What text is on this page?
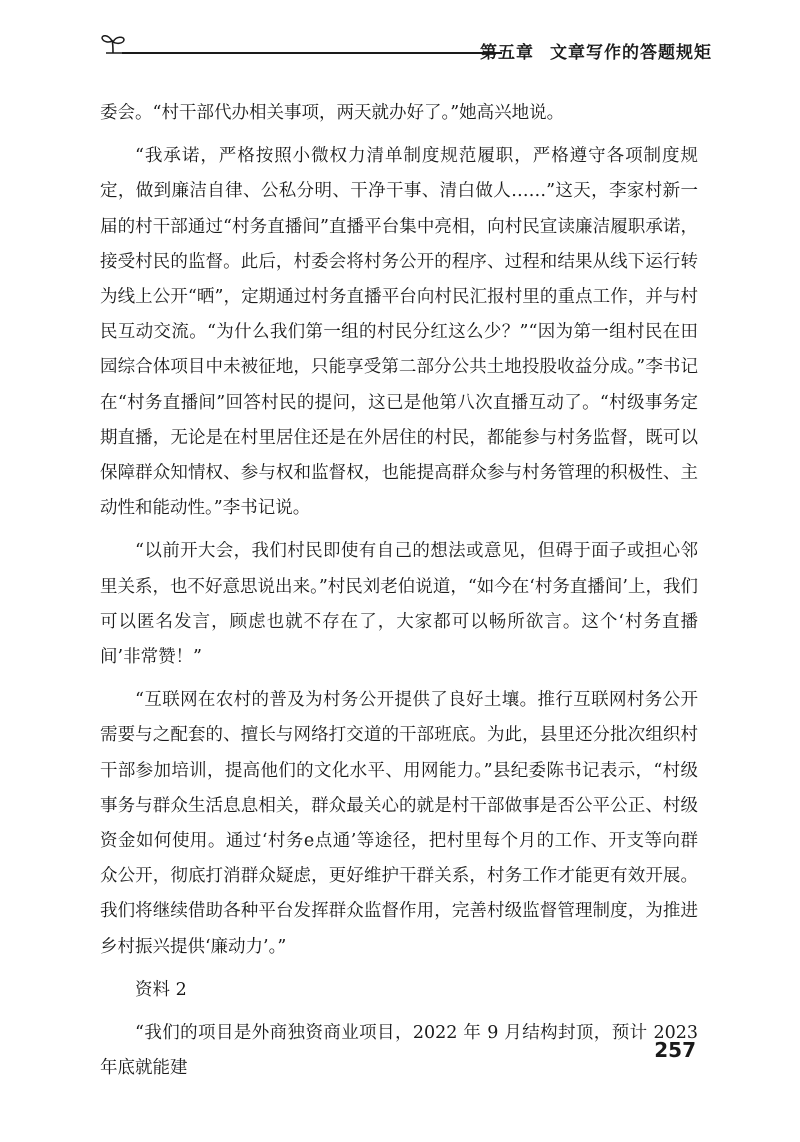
第五章 文章写作的答题规矩

委会。“村干部代办相关事项，两天就办好了。”她高兴地说。

“我承诺，严格按照小微权力清单制度规范履职，严格遵守各项制度规定，做到廉洁自律、公私分明、干净干事、清白做人……”这天，李家村新一届的村干部通过“村务直播间”直播平台集中亮相，向村民宣读廉洁履职承诺，接受村民的监督。此后，村委会将村务公开的程序、过程和结果从线下运行转为线上公开“晒”，定期通过村务直播平台向村民汇报村里的重点工作，并与村民互动交流。“为什么我们第一组的村民分红这么少？”“因为第一组村民在田园综合体项目中未被征地，只能享受第二部分公共土地投股收益分成。”李书记在“村务直播间”回答村民的提问，这已是他第八次直播互动了。“村级事务定期直播，无论是在村里居住还是在外居住的村民，都能参与村务监督，既可以保障群众知情权、参与权和监督权，也能提高群众参与村务管理的积极性、主动性和能动性。”李书记说。

“以前开大会，我们村民即使有自己的想法或意见，但碍于面子或担心邻里关系，也不好意思说出来。”村民刘老伯说道，“如今在‘村务直播间’上，我们可以匿名发言，顾虑也就不存在了，大家都可以畅所欲言。这个‘村务直播间’非常赞！”

“互联网在农村的普及为村务公开提供了良好土壤。推行互联网村务公开需要与之配套的、擅长与网络打交道的干部班底。为此，县里还分批次组织村干部参加培训，提高他们的文化水平、用网能力。”县纪委陈书记表示，“村级事务与群众生活息息相关，群众最关心的就是村干部做事是否公平公正、村级资金如何使用。通过‘村务e点通’等途径，把村里每个月的工作、开支等向群众公开，彻底打消群众疑虑，更好维护干群关系，村务工作才能更有效开展。我们将继续借助各种平台发挥群众监督作用，完善村级监督管理制度，为推进乡村振兴提供‘廉动力’。”

资料 2

“我们的项目是外商独资商业项目，2022 年 9 月结构封顶，预计 2023 年底就能建

257
